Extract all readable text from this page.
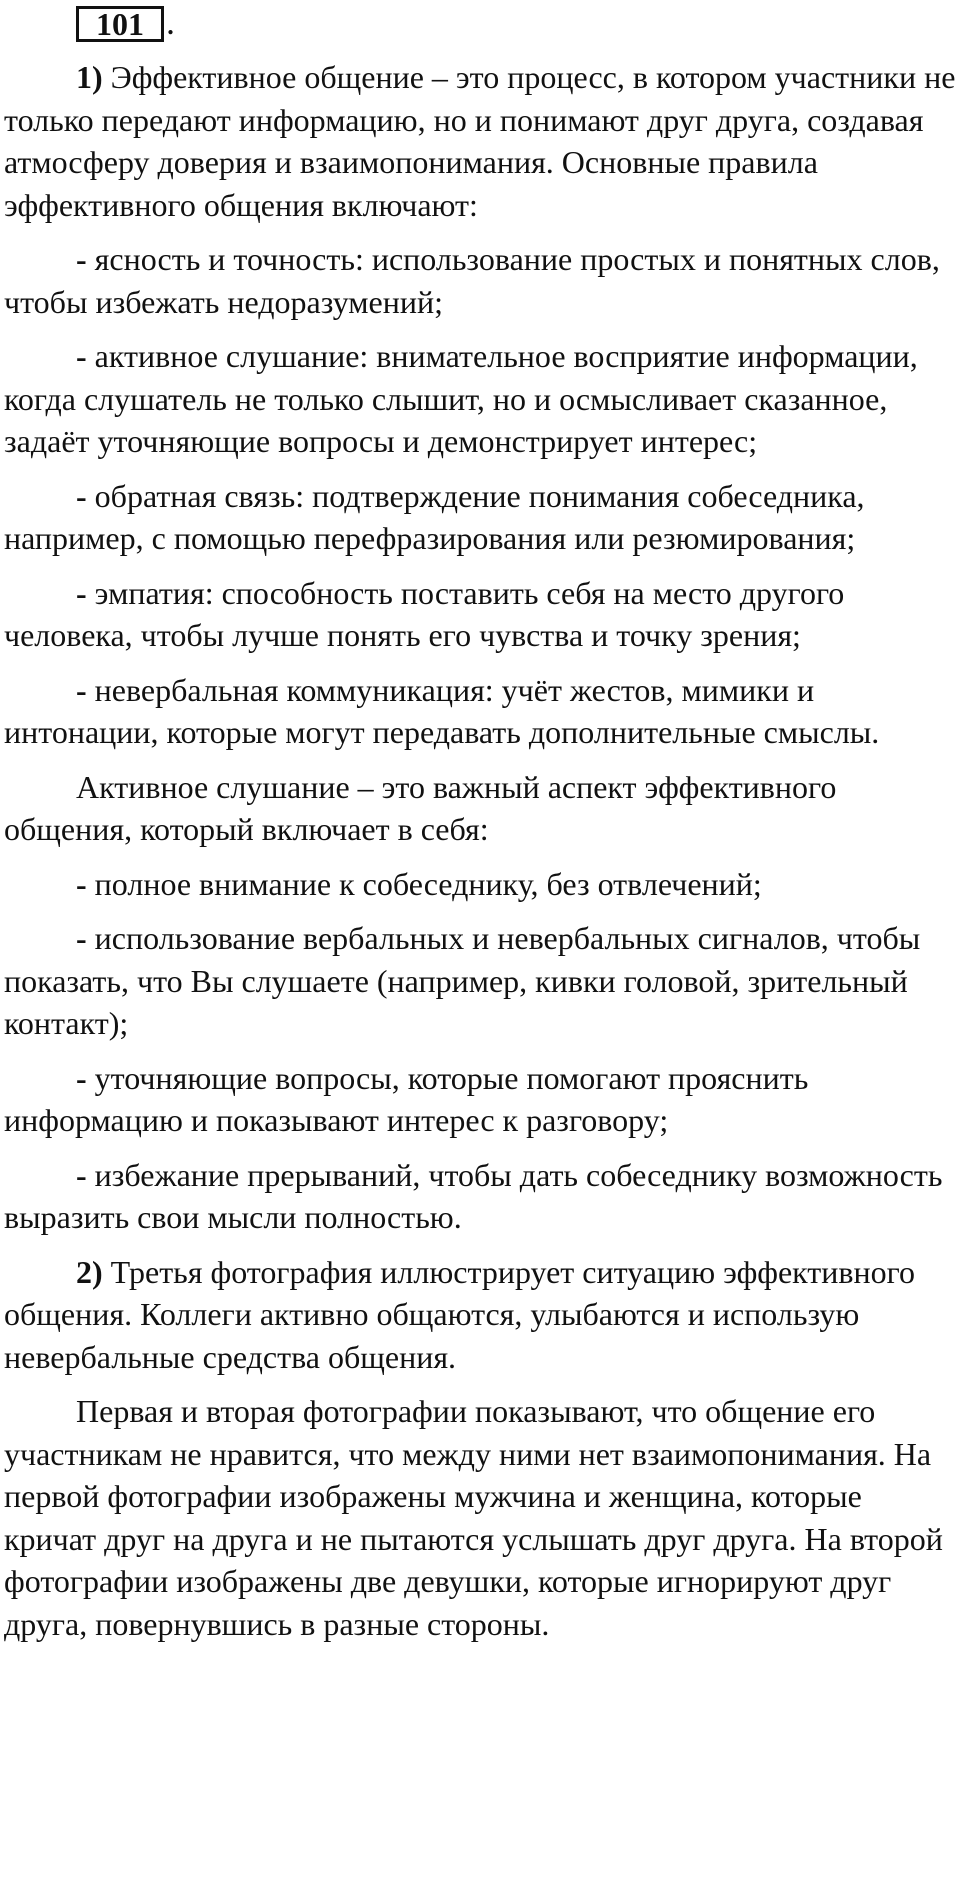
101 .

1) Эффективное общение – это процесс, в котором участники не только передают информацию, но и понимают друг друга, создавая атмосферу доверия и взаимопонимания. Основные правила эффективного общения включают:

- ясность и точность: использование простых и понятных слов, чтобы избежать недоразумений;

- активное слушание: внимательное восприятие информации, когда слушатель не только слышит, но и осмысливает сказанное, задаёт уточняющие вопросы и демонстрирует интерес;

- обратная связь: подтверждение понимания собеседника, например, с помощью перефразирования или резюмирования;

- эмпатия: способность поставить себя на место другого человека, чтобы лучше понять его чувства и точку зрения;

- невербальная коммуникация: учёт жестов, мимики и интонации, которые могут передавать дополнительные смыслы.

Активное слушание – это важный аспект эффективного общения, который включает в себя:

- полное внимание к собеседнику, без отвлечений;

- использование вербальных и невербальных сигналов, чтобы показать, что Вы слушаете (например, кивки головой, зрительный контакт);

- уточняющие вопросы, которые помогают прояснить информацию и показывают интерес к разговору;

- избежание прерываний, чтобы дать собеседнику возможность выразить свои мысли полностью.

2) Третья фотография иллюстрирует ситуацию эффективного общения. Коллеги активно общаются, улыбаются и использую невербальные средства общения.

Первая и вторая фотографии показывают, что общение его участникам не нравится, что между ними нет взаимопонимания. На первой фотографии изображены мужчина и женщина, которые кричат друг на друга и не пытаются услышать друг друга. На второй фотографии изображены две девушки, которые игнорируют друг друга, повернувшись в разные стороны.
